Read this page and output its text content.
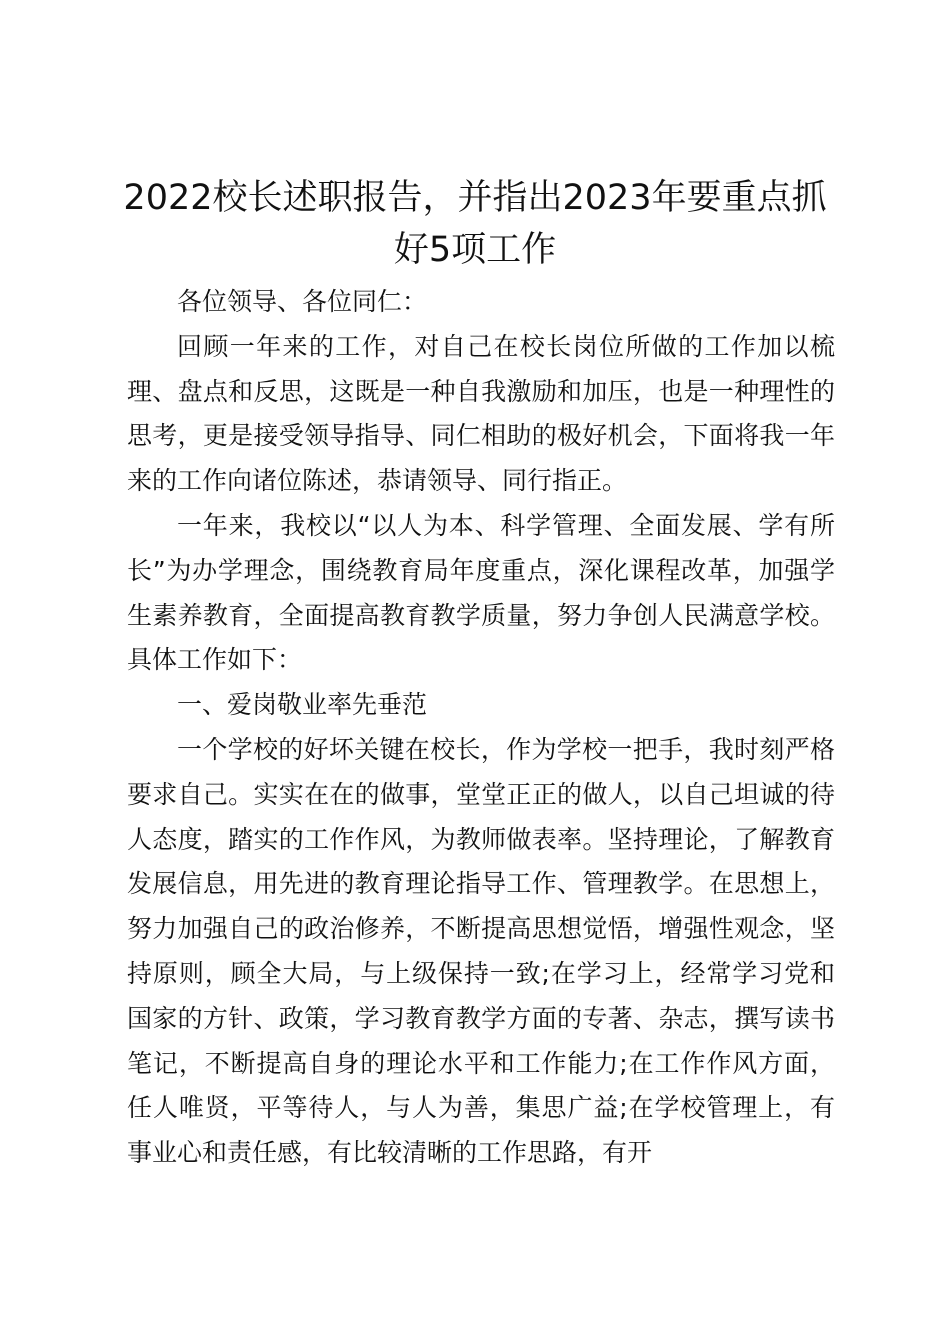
2022校长述职报告，并指出2023年要重点抓好5项工作

各位领导、各位同仁：

回顾一年来的工作，对自己在校长岗位所做的工作加以梳理、盘点和反思，这既是一种自我激励和加压，也是一种理性的思考，更是接受领导指导、同仁相助的极好机会，下面将我一年来的工作向诸位陈述，恭请领导、同行指正。

一年来，我校以“以人为本、科学管理、全面发展、学有所长”为办学理念，围绕教育局年度重点，深化课程改革，加强学生素养教育，全面提高教育教学质量，努力争创人民满意学校。具体工作如下：

一、爱岗敬业率先垂范

一个学校的好坏关键在校长，作为学校一把手，我时刻严格要求自己。实实在在的做事，堂堂正正的做人，以自己坦诚的待人态度，踏实的工作作风，为教师做表率。坚持理论，了解教育发展信息，用先进的教育理论指导工作、管理教学。在思想上，努力加强自己的政治修养，不断提高思想觉悟，增强性观念，坚持原则，顾全大局，与上级保持一致;在学习上，经常学习党和国家的方针、政策，学习教育教学方面的专著、杂志，撰写读书笔记，不断提高自身的理论水平和工作能力;在工作作风方面，任人唯贤，平等待人，与人为善，集思广益;在学校管理上，有事业心和责任感，有比较清晰的工作思路，有开
